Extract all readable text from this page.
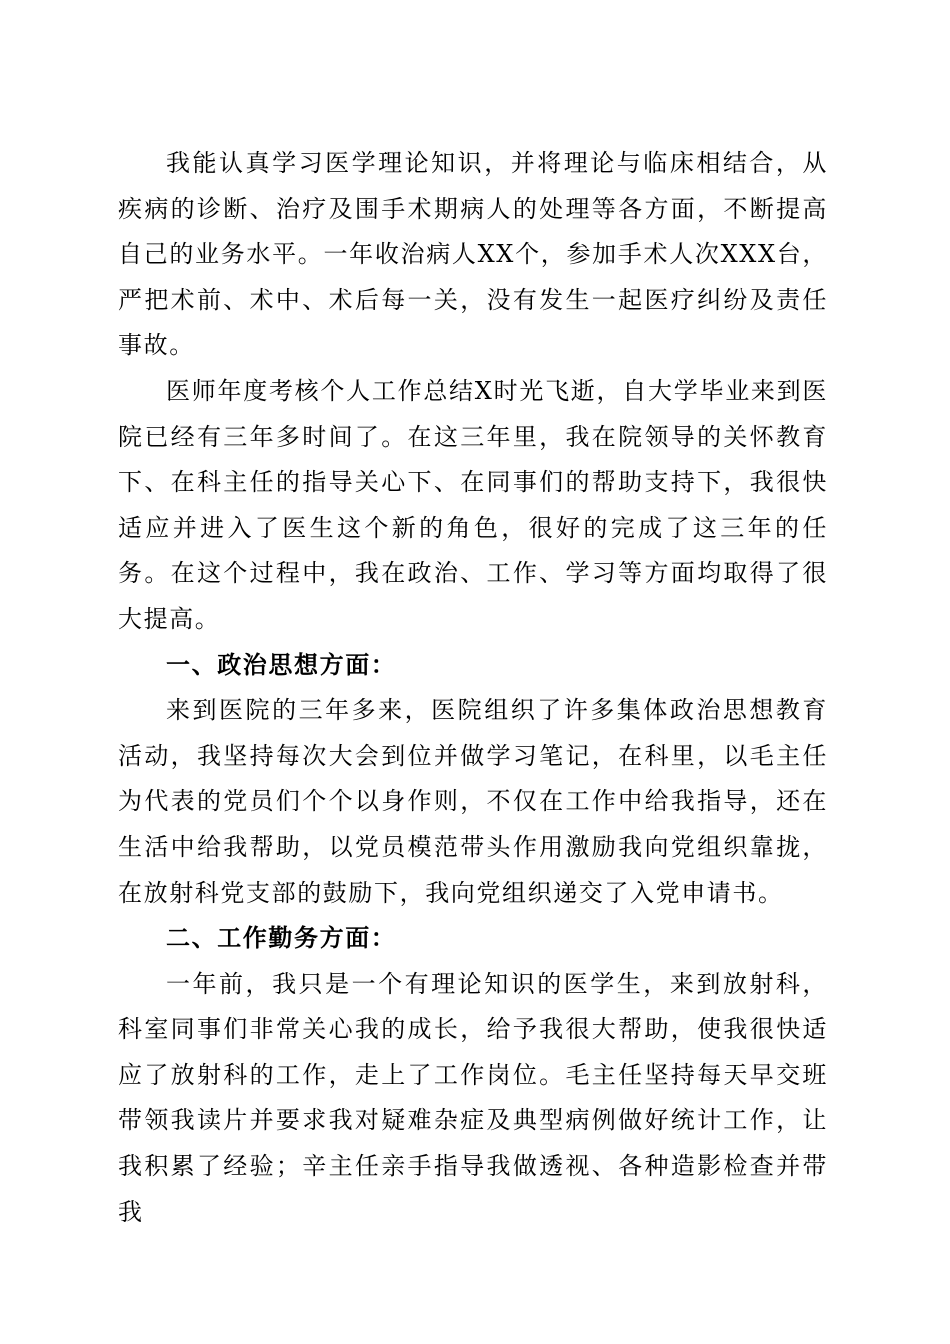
我能认真学习医学理论知识，并将理论与临床相结合，从疾病的诊断、治疗及围手术期病人的处理等各方面，不断提高自己的业务水平。一年收治病人XX个，参加手术人次XXX台，严把术前、术中、术后每一关，没有发生一起医疗纠纷及责任事故。

医师年度考核个人工作总结X时光飞逝，自大学毕业来到医院已经有三年多时间了。在这三年里，我在院领导的关怀教育下、在科主任的指导关心下、在同事们的帮助支持下，我很快适应并进入了医生这个新的角色，很好的完成了这三年的任务。在这个过程中，我在政治、工作、学习等方面均取得了很大提高。

一、政治思想方面：

来到医院的三年多来，医院组织了许多集体政治思想教育活动，我坚持每次大会到位并做学习笔记，在科里，以毛主任为代表的党员们个个以身作则，不仅在工作中给我指导，还在生活中给我帮助，以党员模范带头作用激励我向党组织靠拢，在放射科党支部的鼓励下，我向党组织递交了入党申请书。

二、工作勤务方面：

一年前，我只是一个有理论知识的医学生，来到放射科，科室同事们非常关心我的成长，给予我很大帮助，使我很快适应了放射科的工作，走上了工作岗位。毛主任坚持每天早交班带领我读片并要求我对疑难杂症及典型病例做好统计工作，让我积累了经验；辛主任亲手指导我做透视、各种造影检查并带我
